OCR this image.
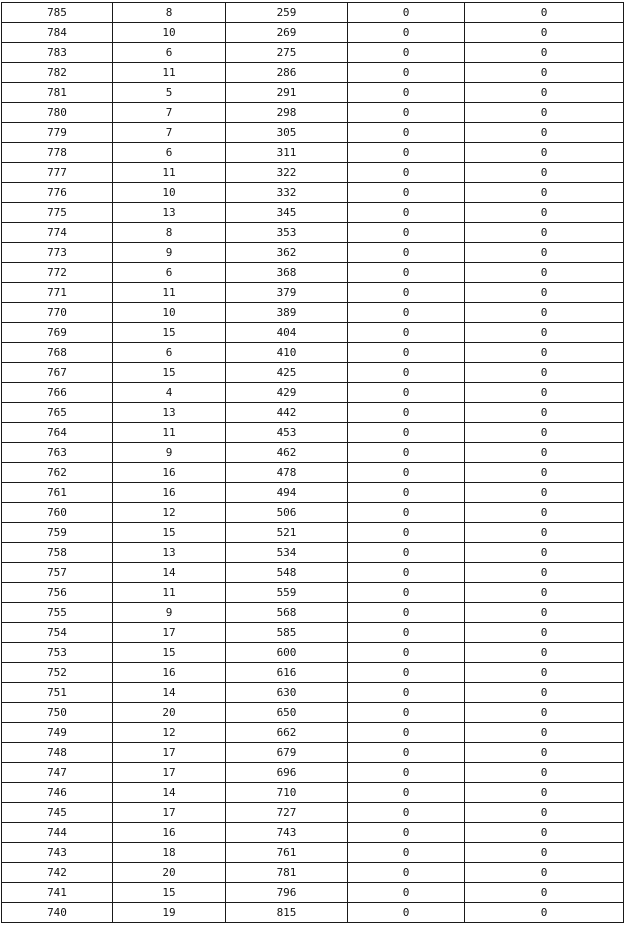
785	8	259	0	0
784	10	269	0	0
783	6	275	0	0
782	11	286	0	0
781	5	291	0	0
780	7	298	0	0
779	7	305	0	0
778	6	311	0	0
777	11	322	0	0
776	10	332	0	0
775	13	345	0	0
774	8	353	0	0
773	9	362	0	0
772	6	368	0	0
771	11	379	0	0
770	10	389	0	0
769	15	404	0	0
768	6	410	0	0
767	15	425	0	0
766	4	429	0	0
765	13	442	0	0
764	11	453	0	0
763	9	462	0	0
762	16	478	0	0
761	16	494	0	0
760	12	506	0	0
759	15	521	0	0
758	13	534	0	0
757	14	548	0	0
756	11	559	0	0
755	9	568	0	0
754	17	585	0	0
753	15	600	0	0
752	16	616	0	0
751	14	630	0	0
750	20	650	0	0
749	12	662	0	0
748	17	679	0	0
747	17	696	0	0
746	14	710	0	0
745	17	727	0	0
744	16	743	0	0
743	18	761	0	0
742	20	781	0	0
741	15	796	0	0
740	19	815	0	0
